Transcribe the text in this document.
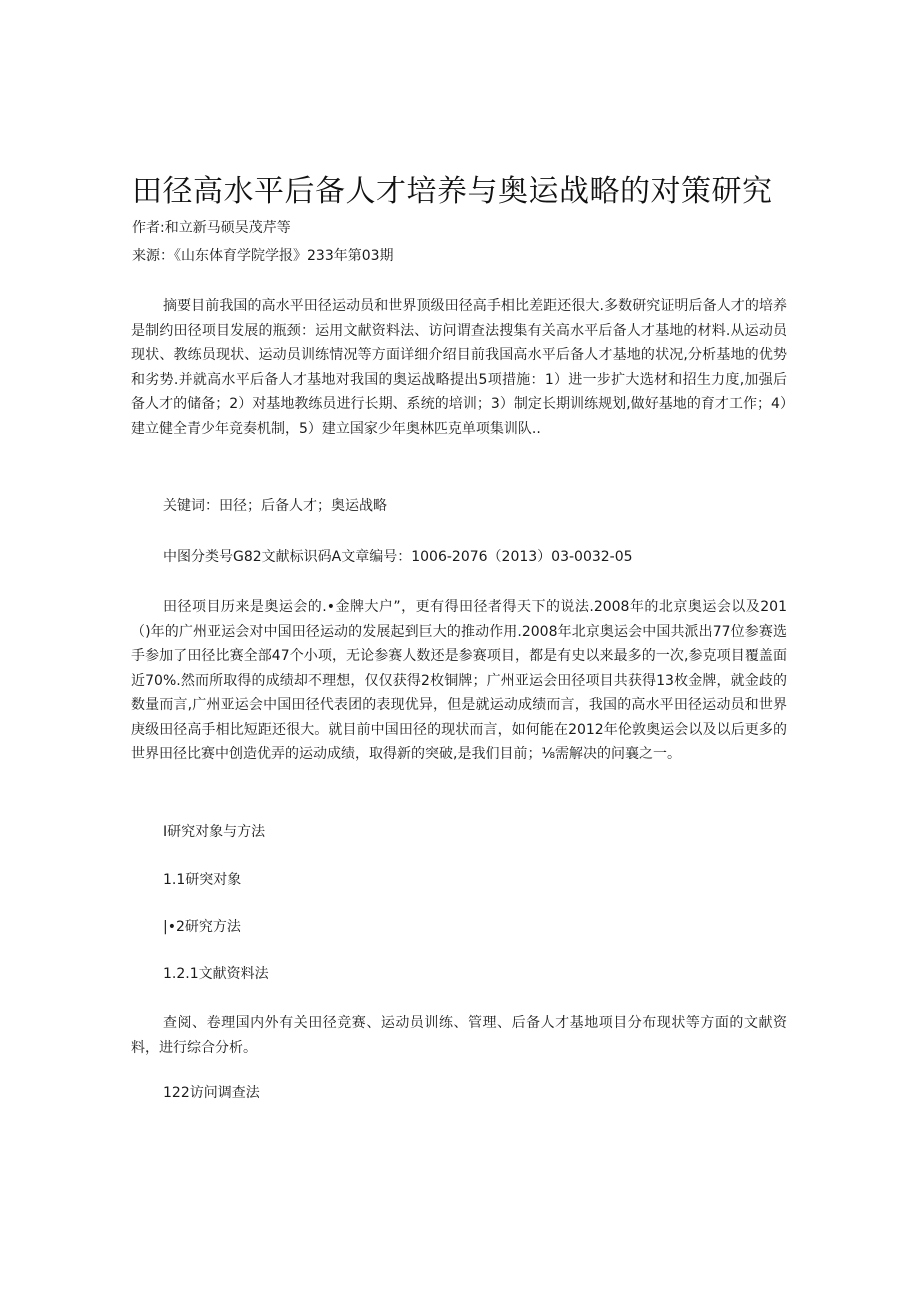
田径高水平后备人才培养与奥运战略的对策研究
作者:和立新马硕吴茂芹等
来源：《山东体育学院学报》233年第03期
摘要目前我国的高水平田径运动员和世界顶级田径高手相比差距还很大.多数研究证明后备人才的培养是制约田径项目发展的瓶颈：运用文献资料法、访问谓查法搜集有关高水平后备人才基地的材料.从运动员现状、教练员现状、运动员训练情况等方面详细介绍目前我国高水平后备人才基地的状况,分析基地的优势和劣势.并就高水平后备人才基地对我国的奥运战略提出5项措施：1）进一步扩大选材和招生力度,加强后备人才的储备；2）对基地教练员进行长期、系统的培训；3）制定长期训练规划,做好基地的育才工作；4）建立健全青少年竞奏机制，5）建立国家少年奥林匹克单项集训队..
关键词：田径；后备人才；奥运战略
中图分类号G82文献标识码A文章编号：1006-2076（2013）03-0032-05
田径项目历来是奥运会的.•金牌大户”，更有得田径者得天下的说法.2008年的北京奥运会以及201（)年的广州亚运会对中国田径运动的发展起到巨大的推动作用.2008年北京奥运会中国共派出77位参赛选手参加了田径比赛全部47个小项，无论参赛人数还是参赛项目，都是有史以来最多的一次,参克项目覆盖面近70%.然而所取得的成绩却不理想，仅仅获得2枚铜牌；广州亚运会田径项目共获得13枚金牌，就金歧的数量而言,广州亚运会中国田径代表团的表现优异，但是就运动成绩而言，我国的高水平田径运动员和世界庚级田径高手相比短距还很大。就目前中国田径的现状而言，如何能在2012年伦敦奥运会以及以后更多的世界田径比赛中创造优弄的运动成绩，取得新的突破,是我们目前；⅛需解决的问襄之一。
I研究对象与方法
1.1研突对象
|•2研究方法
1.2.1文献资料法
查阅、卷理国内外有关田径竞赛、运动员训练、管理、后备人才基地项目分布现状等方面的文献资料，进行综合分析。
122访问调查法
